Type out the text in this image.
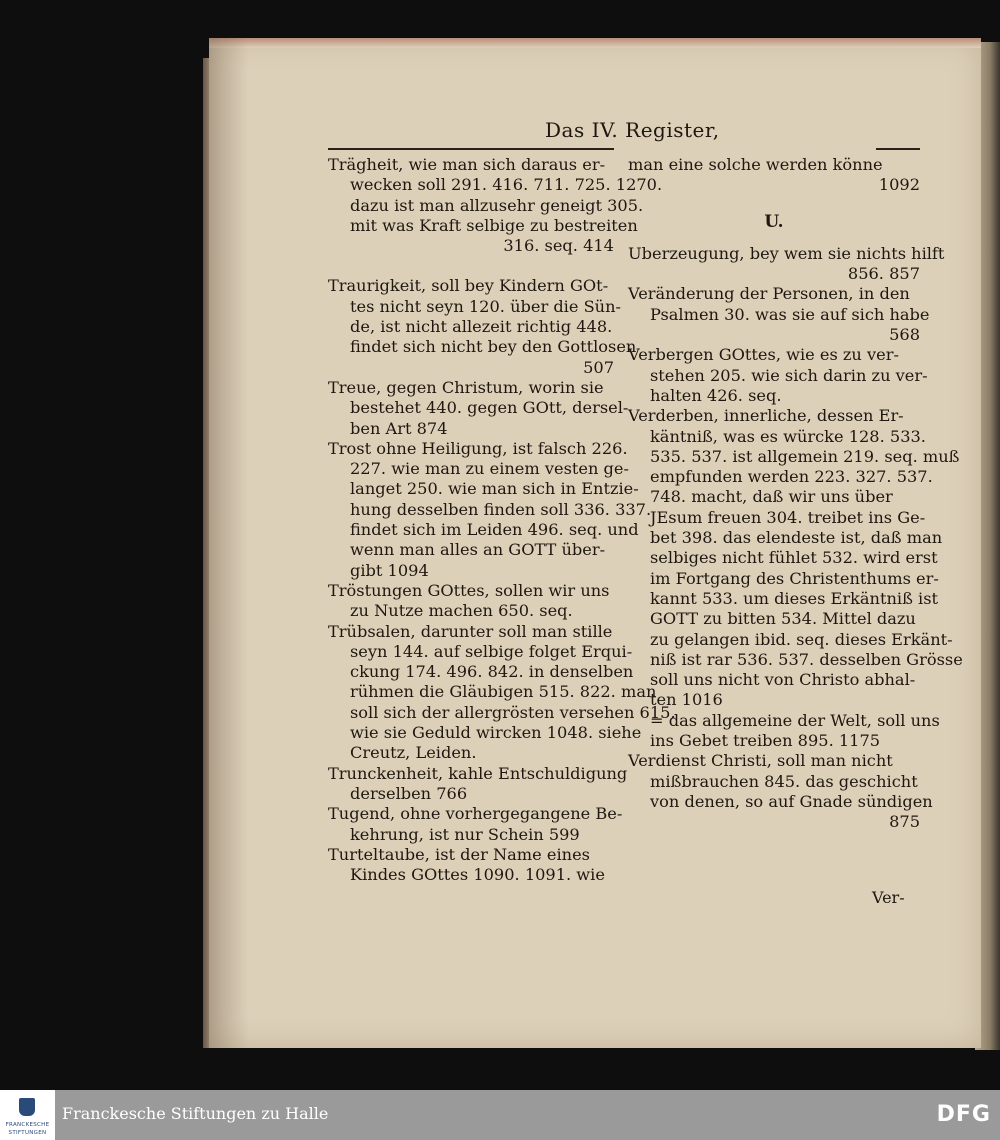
Das IV. Register,
Trägheit, wie man sich daraus er-
wecken soll 291. 416. 711. 725. 1270.
dazu ist man allzusehr geneigt 305.
mit was Kraft selbige zu bestreiten
316. seq. 414
Traurigkeit, soll bey Kindern GOt-
tes nicht seyn 120. über die Sün-
de, ist nicht allezeit richtig 448.
findet sich nicht bey den Gottlosen
507
Treue, gegen Christum, worin sie
bestehet 440. gegen GOtt, dersel-
ben Art 874
Trost ohne Heiligung, ist falsch 226.
227. wie man zu einem vesten ge-
langet 250. wie man sich in Entzie-
hung desselben finden soll 336. 337.
findet sich im Leiden 496. seq. und
wenn man alles an GOTT über-
gibt 1094
Tröstungen GOttes, sollen wir uns
zu Nutze machen 650. seq.
Trübsalen, darunter soll man stille
seyn 144. auf selbige folget Erqui-
ckung 174. 496. 842. in denselben
rühmen die Gläubigen 515. 822. man
soll sich der allergrösten versehen 615.
wie sie Geduld wircken 1048. siehe
Creutz, Leiden.
Trunckenheit, kahle Entschuldigung
derselben 766
Tugend, ohne vorhergegangene Be-
kehrung, ist nur Schein 599
Turteltaube, ist der Name eines
Kindes GOttes 1090. 1091. wie
man eine solche werden könne
1092
U.
Uberzeugung, bey wem sie nichts hilft
856. 857
Veränderung der Personen, in den
Psalmen 30. was sie auf sich habe
568
Verbergen GOttes, wie es zu ver-
stehen 205. wie sich darin zu ver-
halten 426. seq.
Verderben, innerliche, dessen Er-
käntniß, was es würcke 128. 533.
535. 537. ist allgemein 219. seq. muß
empfunden werden 223. 327. 537.
748. macht, daß wir uns über
JEsum freuen 304. treibet ins Ge-
bet 398. das elendeste ist, daß man
selbiges nicht fühlet 532. wird erst
im Fortgang des Christenthums er-
kannt 533. um dieses Erkäntniß ist
GOTT zu bitten 534. Mittel dazu
zu gelangen ibid. seq. dieses Erkänt-
niß ist rar 536. 537. desselben Grösse
soll uns nicht von Christo abhal-
ten 1016
= das allgemeine der Welt, soll uns
ins Gebet treiben 895. 1175
Verdienst Christi, soll man nicht
mißbrauchen 845. das geschicht
von denen, so auf Gnade sündigen
875
Ver-
FRANCKESCHE
STIFTUNGEN
Franckesche Stiftungen zu Halle	DFG
